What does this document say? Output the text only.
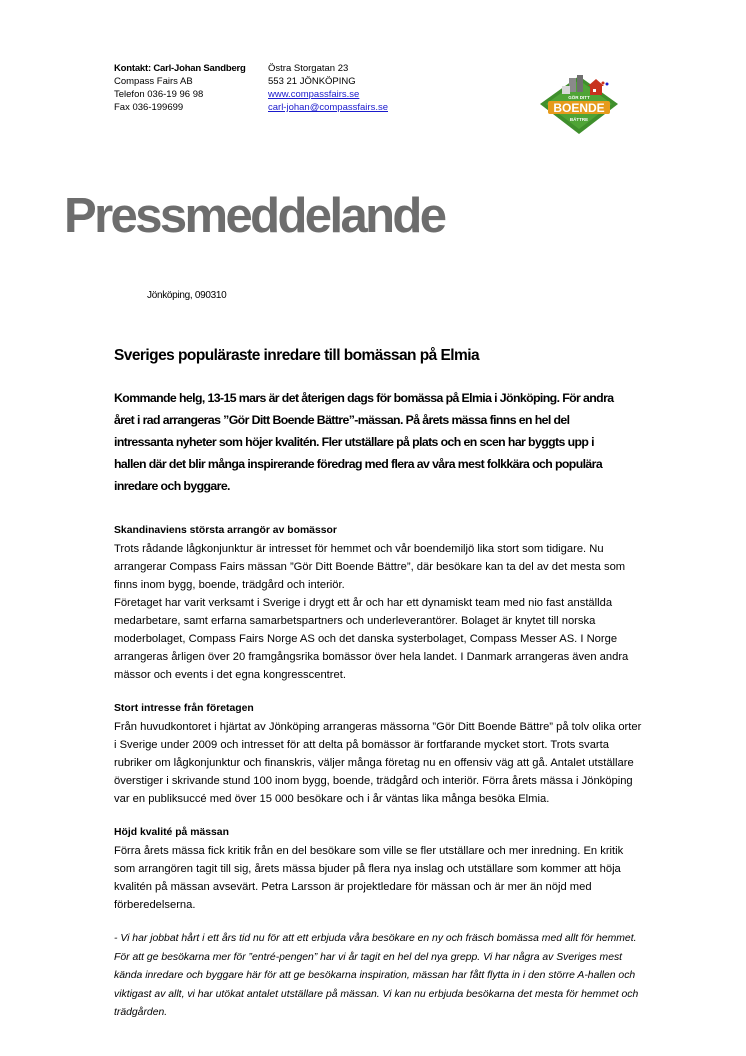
Kontakt: Carl-Johan Sandberg
Compass Fairs AB
Telefon 036-19 96 98
Fax 036-199699
Östra Storgatan 23
553 21 JÖNKÖPING
www.compassfairs.se
carl-johan@compassfairs.se
GÖR DITT
BOENDE
BÄTTRE
Pressmeddelande
Jönköping, 090310
Sveriges populäraste inredare till bomässan på Elmia
Kommande helg, 13-15 mars är det återigen dags för bomässa på Elmia i Jönköping. För andra året i rad arrangeras ”Gör Ditt Boende Bättre”-mässan. På årets mässa finns en hel del intressanta nyheter som höjer kvalitén. Fler utställare på plats och en scen har byggts upp i hallen där det blir många inspirerande föredrag med flera av våra mest folkkära och populära inredare och byggare.

Skandinaviens största arrangör av bomässor

Trots rådande lågkonjunktur är intresset för hemmet och vår boendemiljö lika stort som tidigare. Nu arrangerar Compass Fairs mässan ”Gör Ditt Boende Bättre”, där besökare kan ta del av det mesta som finns inom bygg, boende, trädgård och interiör.

Företaget har varit verksamt i Sverige i drygt ett år och har ett dynamiskt team med nio fast anställda medarbetare, samt erfarna samarbetspartners och underleverantörer. Bolaget är knytet till norska moderbolaget, Compass Fairs Norge AS och det danska systerbolaget, Compass Messer AS. I Norge arrangeras årligen över 20 framgångsrika bomässor över hela landet. I Danmark arrangeras även andra mässor och events i det egna kongresscentret.

Stort intresse från företagen

Från huvudkontoret i hjärtat av Jönköping arrangeras mässorna ”Gör Ditt Boende Bättre” på tolv olika orter i Sverige under 2009 och intresset för att delta på bomässor är fortfarande mycket stort. Trots svarta rubriker om lågkonjunktur och finanskris, väljer många företag nu en offensiv väg att gå. Antalet utställare överstiger i skrivande stund 100 inom bygg, boende, trädgård och interiör. Förra årets mässa i Jönköping var en publiksuccé med över 15 000 besökare och i år väntas lika många besöka Elmia.

Höjd kvalité på mässan

Förra årets mässa fick kritik från en del besökare som ville se fler utställare och mer inredning. En kritik som arrangören tagit till sig, årets mässa bjuder på flera nya inslag och utställare som kommer att höja kvalitén på mässan avsevärt. Petra Larsson är projektledare för mässan och är mer än nöjd med förberedelserna.

- Vi har jobbat hårt i ett års tid nu för att ett erbjuda våra besökare en ny och fräsch bomässa med allt för hemmet. För att ge besökarna mer för ”entré-pengen” har vi år tagit en hel del nya grepp. Vi har några av Sveriges mest kända inredare och byggare här för att ge besökarna inspiration, mässan har fått flytta in i den större A-hallen och viktigast av allt, vi har utökat antalet utställare på mässan. Vi kan nu erbjuda besökarna det mesta för hemmet och trädgården.
